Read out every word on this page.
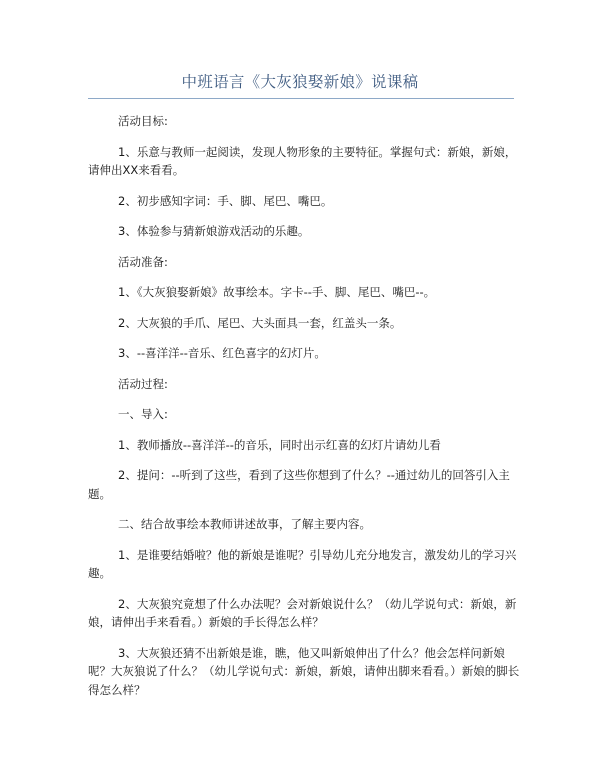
中班语言《大灰狼娶新娘》说课稿

活动目标:

1、乐意与教师一起阅读，发现人物形象的主要特征。掌握句式：新娘，新娘，请伸出XX来看看。

2、初步感知字词：手、脚、尾巴、嘴巴。

3、体验参与猜新娘游戏活动的乐趣。

活动准备:

1、《大灰狼娶新娘》故事绘本。字卡--手、脚、尾巴、嘴巴--。

2、大灰狼的手爪、尾巴、大头面具一套，红盖头一条。

3、--喜洋洋--音乐、红色喜字的幻灯片。

活动过程:

一、导入:

1、教师播放--喜洋洋--的音乐，同时出示红喜的幻灯片请幼儿看

2、提问：--听到了这些，看到了这些你想到了什么？--通过幼儿的回答引入主题。

二、结合故事绘本教师讲述故事，了解主要内容。

1、是谁要结婚啦？他的新娘是谁呢？引导幼儿充分地发言，激发幼儿的学习兴趣。

2、大灰狼究竟想了什么办法呢？会对新娘说什么？（幼儿学说句式：新娘，新娘，请伸出手来看看。）新娘的手长得怎么样？

3、大灰狼还猜不出新娘是谁，瞧，他又叫新娘伸出了什么？他会怎样问新娘呢？大灰狼说了什么？（幼儿学说句式：新娘，新娘，请伸出脚来看看。）新娘的脚长得怎么样？
